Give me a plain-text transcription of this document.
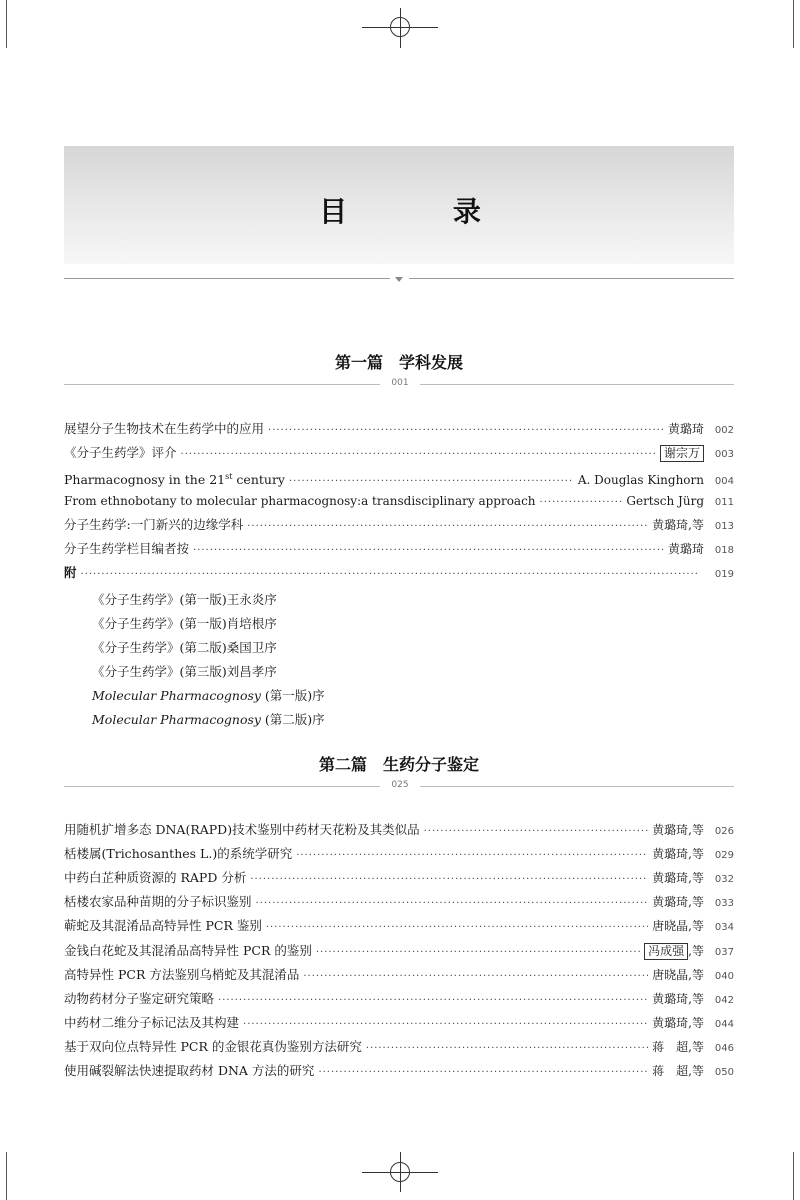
目 录
第一篇 学科发展
001
展望分子生物技术在生药学中的应用 ·····	黄璐琦	002
《分子生药学》评介 ·····	谢宗万	003
Pharmacognosy in the 21st century ·····	A. Douglas Kinghorn	004
From ethnobotany to molecular pharmacognosy:a transdisciplinary approach ·····	Gertsch Jürg	011
分子生药学:一门新兴的边缘学科 ·····	黄璐琦,等	013
分子生药学栏目编者按 ·····	黄璐琦	018
附 ·····	019
《分子生药学》(第一版)王永炎序
《分子生药学》(第一版)肖培根序
《分子生药学》(第二版)桑国卫序
《分子生药学》(第三版)刘昌孝序
Molecular Pharmacognosy (第一版)序
Molecular Pharmacognosy (第二版)序
第二篇 生药分子鉴定
025
用随机扩增多态 DNA(RAPD)技术鉴别中药材天花粉及其类似品 ·····	黄璐琦,等	026
栝楼属(Trichosanthes L.)的系统学研究 ·····	黄璐琦,等	029
中药白芷种质资源的 RAPD 分析 ·····	黄璐琦,等	032
栝楼农家品种苗期的分子标识鉴别 ·····	黄璐琦,等	033
蕲蛇及其混淆品高特异性 PCR 鉴别 ·····	唐晓晶,等	034
金钱白花蛇及其混淆品高特异性 PCR 的鉴别 ·····	冯成强 ,等	037
高特异性 PCR 方法鉴别乌梢蛇及其混淆品 ·····	唐晓晶,等	040
动物药材分子鉴定研究策略 ·····	黄璐琦,等	042
中药材二维分子标记法及其构建 ·····	黄璐琦,等	044
基于双向位点特异性 PCR 的金银花真伪鉴别方法研究 ·····	蒋　超,等	046
使用碱裂解法快速提取药材 DNA 方法的研究 ·····	蒋　超,等	050
